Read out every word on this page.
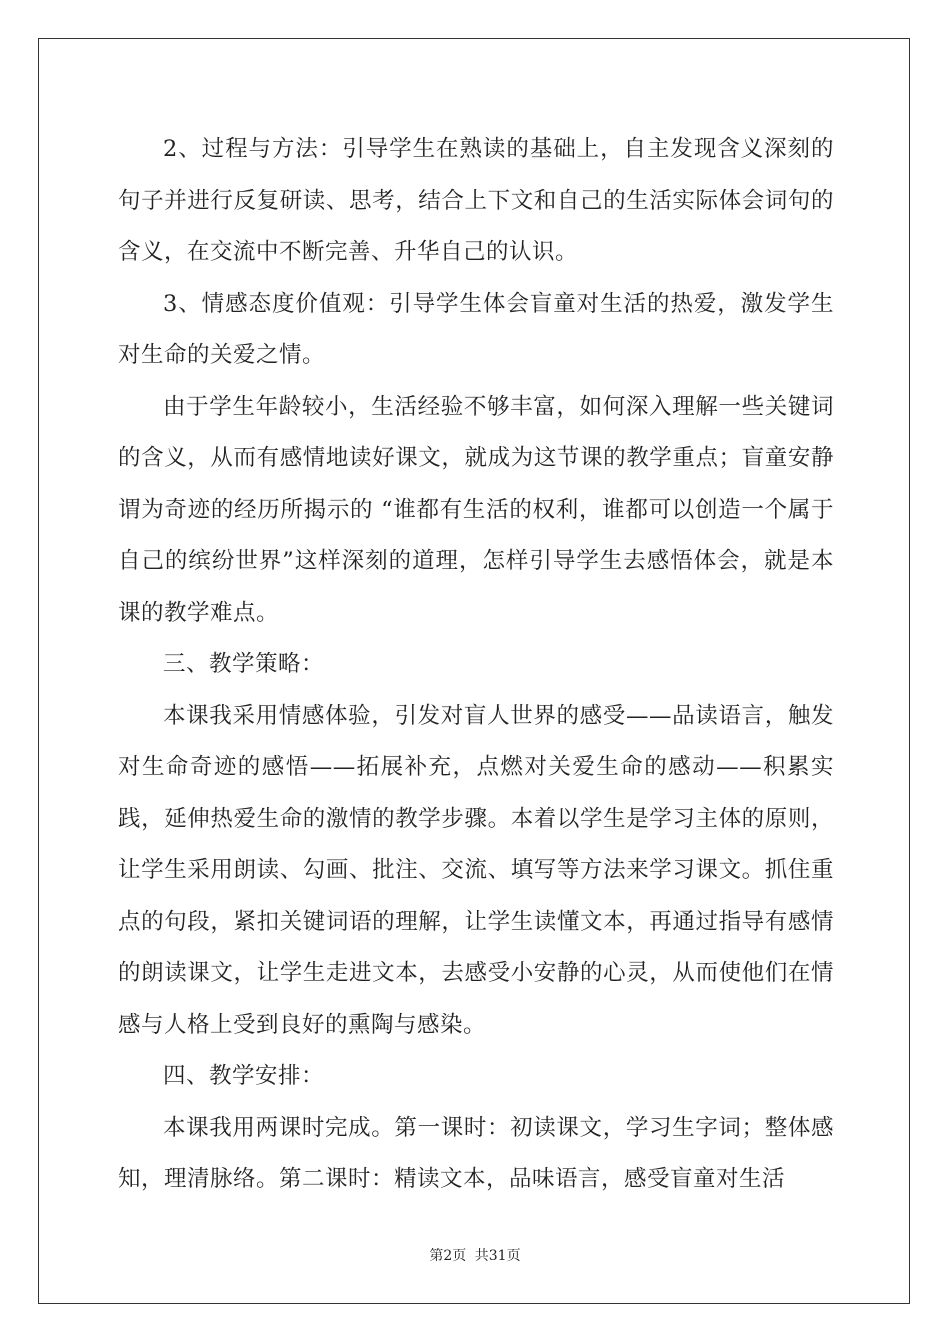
2、过程与方法：引导学生在熟读的基础上，自主发现含义深刻的句子并进行反复研读、思考，结合上下文和自己的生活实际体会词句的含义，在交流中不断完善、升华自己的认识。

3、情感态度价值观：引导学生体会盲童对生活的热爱，激发学生对生命的关爱之情。

由于学生年龄较小，生活经验不够丰富，如何深入理解一些关键词的含义，从而有感情地读好课文，就成为这节课的教学重点；盲童安静谓为奇迹的经历所揭示的 “谁都有生活的权利，谁都可以创造一个属于自己的缤纷世界”这样深刻的道理，怎样引导学生去感悟体会，就是本课的教学难点。

三、教学策略：

本课我采用情感体验，引发对盲人世界的感受——品读语言，触发对生命奇迹的感悟——拓展补充，点燃对关爱生命的感动——积累实践，延伸热爱生命的激情的教学步骤。本着以学生是学习主体的原则，让学生采用朗读、勾画、批注、交流、填写等方法来学习课文。抓住重点的句段，紧扣关键词语的理解，让学生读懂文本，再通过指导有感情的朗读课文，让学生走进文本，去感受小安静的心灵，从而使他们在情感与人格上受到良好的熏陶与感染。

四、教学安排：

本课我用两课时完成。第一课时：初读课文，学习生字词；整体感知，理清脉络。第二课时：精读文本，品味语言，感受盲童对生活

第2页 共31页
